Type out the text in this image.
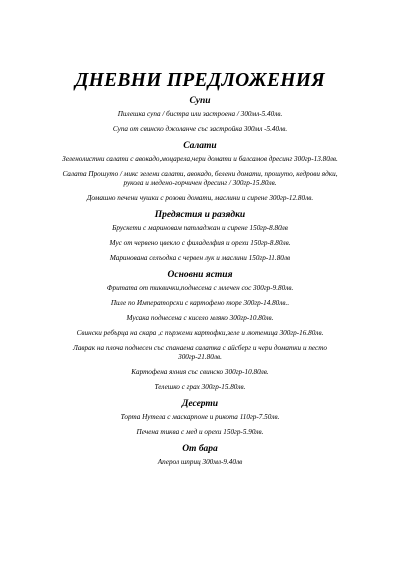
ДНЕВНИ ПРЕДЛОЖЕНИЯ
Супи

Пилешка супа / бистра или застроена / 300мл-5.40лв.

Супа от свинско джоланче със застройка 300мл -5.40лв.

Салати

Зеленолистни салати с авокадо,моцарела,чери домати и балсамов дресинг 300гр-13.80лв.

Салата Прошуто / микс зелени салати, авокадо, белени домати, прошуто, кедрови ядки, рукола и медено-горчичен дресинг / 300гр-15.80лв.

Домашно печени чушки с розови домати, маслини и сирене 300гр-12.80лв.

Предястия и разядки

Брускети с мариновам патладжан и сирене 150гр-8.80лв

Мус от червено цвекло с филаделфия и орехи 150гр-8.80лв.

Маринована селъодка с червен лук и маслини 150гр-11.80лв

Основни ястия

Фритата от тиквички,поднесена с млечен сос 300гр-9.80лв.

Пиле по Императорски с картофено пюре 300гр-14.80лв..

Мусака поднесена с кисело мляко 300гр-10.80лв.

Свински ребърца на скара ,с пържени картофки,зеле и лютеница 300гр-16.80лв.

Лаврак на плоча поднесен със спанаена салатка с айсберг и чери доматки и песто 300гр-21.80лв.

Картофена яхния със свинско 300гр-10.80лв.

Телешко с грах 300гр-15.80лв.

Десерти

Торта Нутела с маскарпоне и рикота 110гр-7.50лв.

Печена тиква с мед и орехи 150гр-5.90лв.

От бара

Аперол шприц 300мл-9.40лв
